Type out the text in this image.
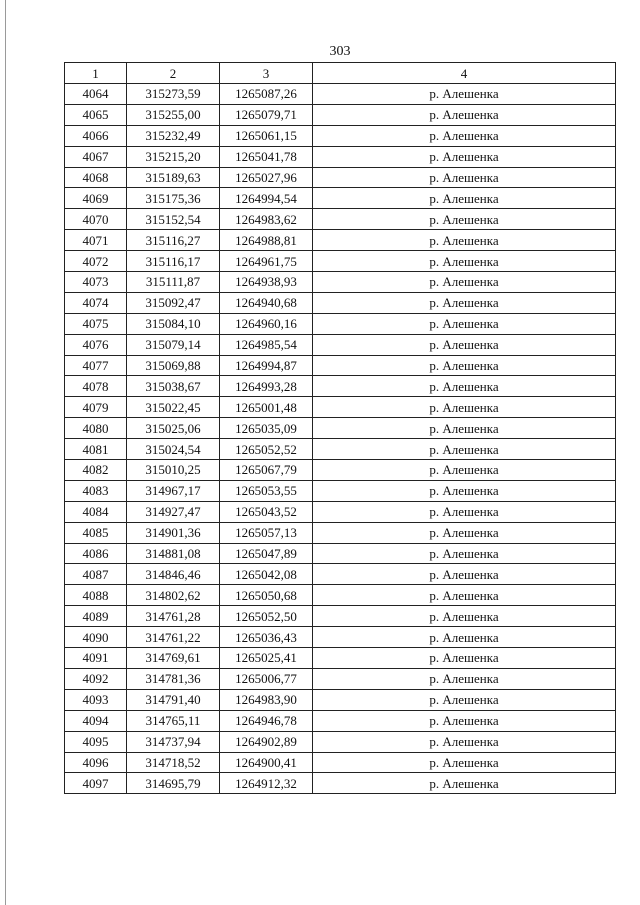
303
1	2	3	4
4064	315273,59	1265087,26	р. Алешенка
4065	315255,00	1265079,71	р. Алешенка
4066	315232,49	1265061,15	р. Алешенка
4067	315215,20	1265041,78	р. Алешенка
4068	315189,63	1265027,96	р. Алешенка
4069	315175,36	1264994,54	р. Алешенка
4070	315152,54	1264983,62	р. Алешенка
4071	315116,27	1264988,81	р. Алешенка
4072	315116,17	1264961,75	р. Алешенка
4073	315111,87	1264938,93	р. Алешенка
4074	315092,47	1264940,68	р. Алешенка
4075	315084,10	1264960,16	р. Алешенка
4076	315079,14	1264985,54	р. Алешенка
4077	315069,88	1264994,87	р. Алешенка
4078	315038,67	1264993,28	р. Алешенка
4079	315022,45	1265001,48	р. Алешенка
4080	315025,06	1265035,09	р. Алешенка
4081	315024,54	1265052,52	р. Алешенка
4082	315010,25	1265067,79	р. Алешенка
4083	314967,17	1265053,55	р. Алешенка
4084	314927,47	1265043,52	р. Алешенка
4085	314901,36	1265057,13	р. Алешенка
4086	314881,08	1265047,89	р. Алешенка
4087	314846,46	1265042,08	р. Алешенка
4088	314802,62	1265050,68	р. Алешенка
4089	314761,28	1265052,50	р. Алешенка
4090	314761,22	1265036,43	р. Алешенка
4091	314769,61	1265025,41	р. Алешенка
4092	314781,36	1265006,77	р. Алешенка
4093	314791,40	1264983,90	р. Алешенка
4094	314765,11	1264946,78	р. Алешенка
4095	314737,94	1264902,89	р. Алешенка
4096	314718,52	1264900,41	р. Алешенка
4097	314695,79	1264912,32	р. Алешенка
